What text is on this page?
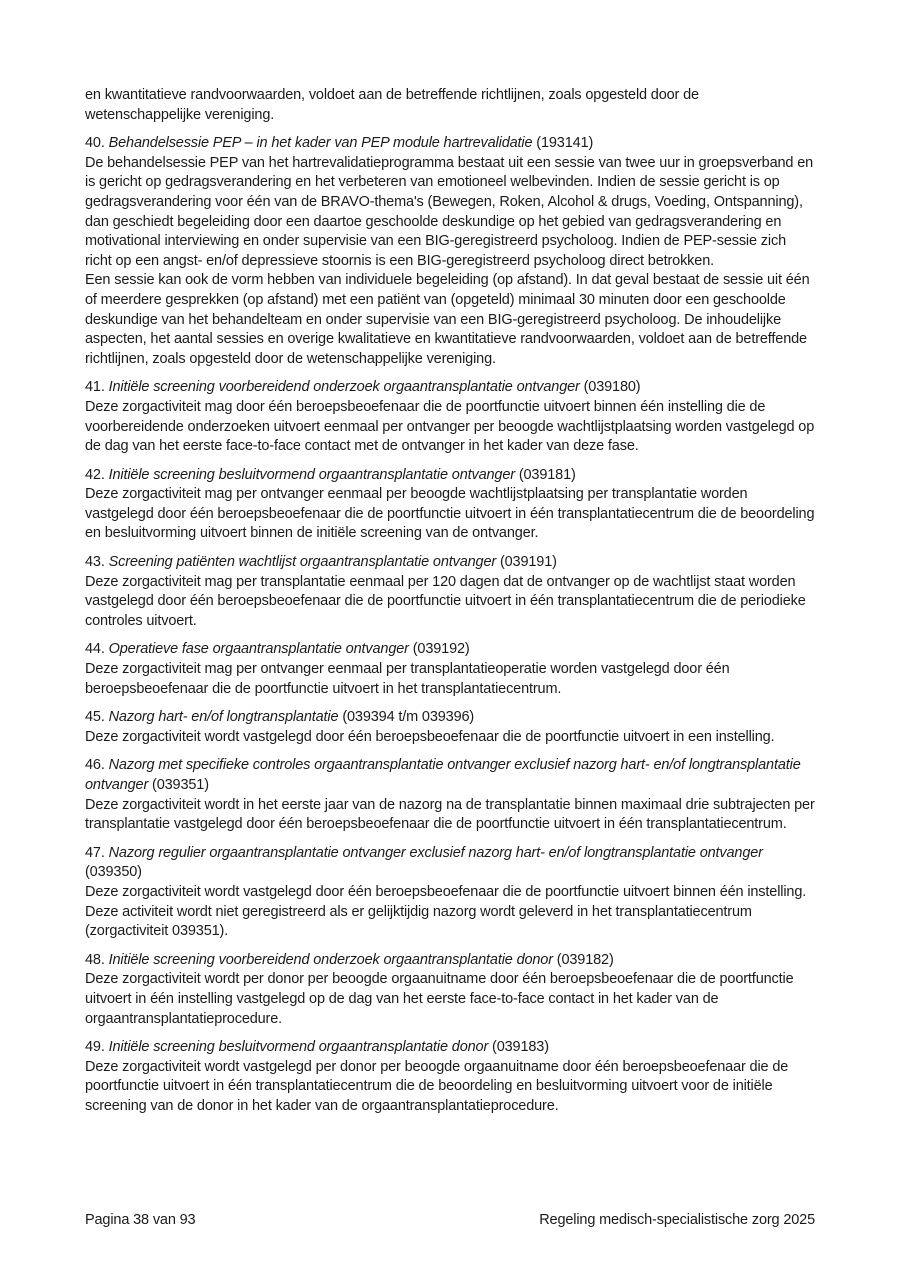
en kwantitatieve randvoorwaarden, voldoet aan de betreffende richtlijnen, zoals opgesteld door de wetenschappelijke vereniging.

40. Behandelsessie PEP – in het kader van PEP module hartrevalidatie (193141)

De behandelsessie PEP van het hartrevalidatieprogramma bestaat uit een sessie van twee uur in groepsverband en is gericht op gedragsverandering en het verbeteren van emotioneel welbevinden. Indien de sessie gericht is op gedragsverandering voor één van de BRAVO-thema's (Bewegen, Roken, Alcohol & drugs, Voeding, Ontspanning), dan geschiedt begeleiding door een daartoe geschoolde deskundige op het gebied van gedragsverandering en motivational interviewing en onder supervisie van een BIG-geregistreerd psycholoog. Indien de PEP-sessie zich richt op een angst- en/of depressieve stoornis is een BIG-geregistreerd psycholoog direct betrokken.
Een sessie kan ook de vorm hebben van individuele begeleiding (op afstand). In dat geval bestaat de sessie uit één of meerdere gesprekken (op afstand) met een patiënt van (opgeteld) minimaal 30 minuten door een geschoolde deskundige van het behandelteam en onder supervisie van een BIG-geregistreerd psycholoog. De inhoudelijke aspecten, het aantal sessies en overige kwalitatieve en kwantitatieve randvoorwaarden, voldoet aan de betreffende richtlijnen, zoals opgesteld door de wetenschappelijke vereniging.

41. Initiële screening voorbereidend onderzoek orgaantransplantatie ontvanger (039180)

Deze zorgactiviteit mag door één beroepsbeoefenaar die de poortfunctie uitvoert binnen één instelling die de voorbereidende onderzoeken uitvoert eenmaal per ontvanger per beoogde wachtlijstplaatsing worden vastgelegd op de dag van het eerste face-to-face contact met de ontvanger in het kader van deze fase.

42. Initiële screening besluitvormend orgaantransplantatie ontvanger (039181)

Deze zorgactiviteit mag per ontvanger eenmaal per beoogde wachtlijstplaatsing per transplantatie worden vastgelegd door één beroepsbeoefenaar die de poortfunctie uitvoert in één transplantatiecentrum die de beoordeling en besluitvorming uitvoert binnen de initiële screening van de ontvanger.

43. Screening patiënten wachtlijst orgaantransplantatie ontvanger (039191)

Deze zorgactiviteit mag per transplantatie eenmaal per 120 dagen dat de ontvanger op de wachtlijst staat worden vastgelegd door één beroepsbeoefenaar die de poortfunctie uitvoert in één transplantatiecentrum die de periodieke controles uitvoert.

44. Operatieve fase orgaantransplantatie ontvanger (039192)

Deze zorgactiviteit mag per ontvanger eenmaal per transplantatieoperatie worden vastgelegd door één beroepsbeoefenaar die de poortfunctie uitvoert in het transplantatiecentrum.

45. Nazorg hart- en/of longtransplantatie (039394 t/m 039396)

Deze zorgactiviteit wordt vastgelegd door één beroepsbeoefenaar die de poortfunctie uitvoert in een instelling.

46. Nazorg met specifieke controles orgaantransplantatie ontvanger exclusief nazorg hart- en/of longtransplantatie ontvanger (039351)

Deze zorgactiviteit wordt in het eerste jaar van de nazorg na de transplantatie binnen maximaal drie subtrajecten per transplantatie vastgelegd door één beroepsbeoefenaar die de poortfunctie uitvoert in één transplantatiecentrum.

47. Nazorg regulier orgaantransplantatie ontvanger exclusief nazorg hart- en/of longtransplantatie ontvanger (039350)

Deze zorgactiviteit wordt vastgelegd door één beroepsbeoefenaar die de poortfunctie uitvoert binnen één instelling. Deze activiteit wordt niet geregistreerd als er gelijktijdig nazorg wordt geleverd in het transplantatiecentrum (zorgactiviteit 039351).

48. Initiële screening voorbereidend onderzoek orgaantransplantatie donor (039182)

Deze zorgactiviteit wordt per donor per beoogde orgaanuitname door één beroepsbeoefenaar die de poortfunctie uitvoert in één instelling vastgelegd op de dag van het eerste face-to-face contact in het kader van de orgaantransplantatieprocedure.

49. Initiële screening besluitvormend orgaantransplantatie donor (039183)

Deze zorgactiviteit wordt vastgelegd per donor per beoogde orgaanuitname door één beroepsbeoefenaar die de poortfunctie uitvoert in één transplantatiecentrum die de beoordeling en besluitvorming uitvoert voor de initiële screening van de donor in het kader van de orgaantransplantatieprocedure.
Pagina 38 van 93	Regeling medisch-specialistische zorg 2025
